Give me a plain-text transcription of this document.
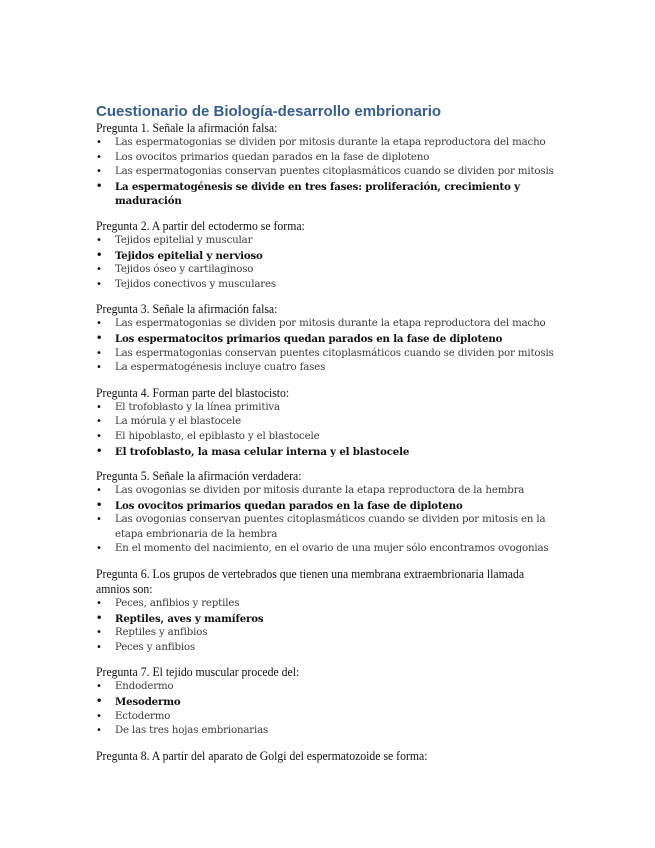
Cuestionario de Biología-desarrollo embrionario

Pregunta 1. Señale la afirmación falsa:

• Las espermatogonias se dividen por mitosis durante la etapa reproductora del macho
• Los ovocitos primarios quedan parados en la fase de diploteno
• Las espermatogonias conservan puentes citoplasmáticos cuando se dividen por mitosis
• La espermatogénesis se divide en tres fases: proliferación, crecimiento y maduración

Pregunta 2. A partir del ectodermo se forma:

• Tejidos epitelial y muscular
• Tejidos epitelial y nervioso
• Tejidos óseo y cartilaginoso
• Tejidos conectivos y musculares

Pregunta 3. Señale la afirmación falsa:

• Las espermatogonias se dividen por mitosis durante la etapa reproductora del macho
• Los espermatocitos primarios quedan parados en la fase de diploteno
• Las espermatogonias conservan puentes citoplasmáticos cuando se dividen por mitosis
• La espermatogénesis incluye cuatro fases

Pregunta 4. Forman parte del blastocisto:

• El trofoblasto y la línea primitiva
• La mórula y el blastocele
• El hipoblasto, el epiblasto y el blastocele
• El trofoblasto, la masa celular interna y el blastocele

Pregunta 5. Señale la afirmación verdadera:

• Las ovogonias se dividen por mitosis durante la etapa reproductora de la hembra
• Los ovocitos primarios quedan parados en la fase de diploteno
• Las ovogonias conservan puentes citoplasmáticos cuando se dividen por mitosis en la etapa embrionaria de la hembra
• En el momento del nacimiento, en el ovario de una mujer sólo encontramos ovogonias

Pregunta 6. Los grupos de vertebrados que tienen una membrana extraembrionaria llamada amnios son:

• Peces, anfibios y reptiles
• Reptiles, aves y mamíferos
• Reptiles y anfibios
• Peces y anfibios

Pregunta 7. El tejido muscular procede del:

• Endodermo
• Mesodermo
• Ectodermo
• De las tres hojas embrionarias

Pregunta 8. A partir del aparato de Golgi del espermatozoide se forma:
